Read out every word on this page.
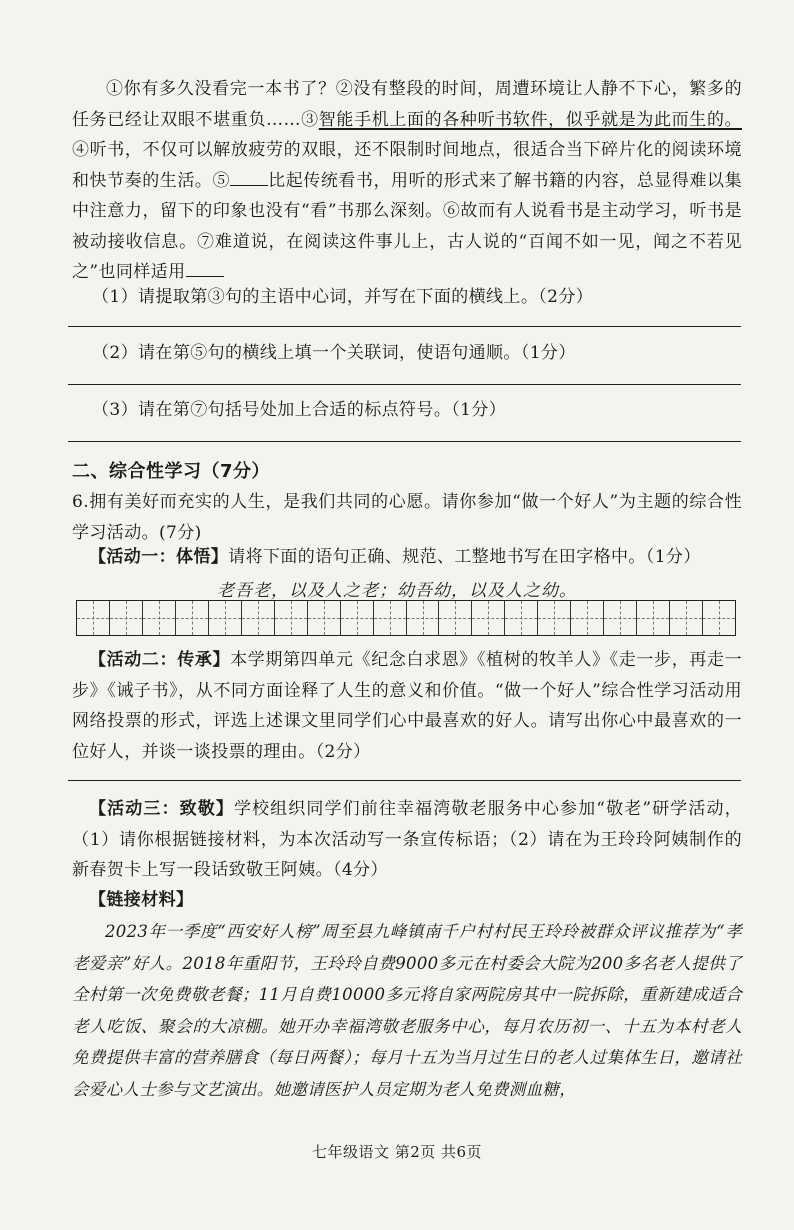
①你有多久没看完一本书了？②没有整段的时间，周遭环境让人静不下心，繁多的任务已经让双眼不堪重负……③智能手机上面的各种听书软件，似乎就是为此而生的。④听书，不仅可以解放疲劳的双眼，还不限制时间地点，很适合当下碎片化的阅读环境和快节奏的生活。⑤ 比起传统看书，用听的形式来了解书籍的内容，总显得难以集中注意力，留下的印象也没有“看”书那么深刻。⑥故而有人说看书是主动学习，听书是被动接收信息。⑦难道说，在阅读这件事儿上，古人说的“百闻不如一见，闻之不若见之”也同样适用
（1）请提取第③句的主语中心词，并写在下面的横线上。（2分）
（2）请在第⑤句的横线上填一个关联词，使语句通顺。（1分）
（3）请在第⑦句括号处加上合适的标点符号。（1分）
二、综合性学习（7分）
6.拥有美好而充实的人生，是我们共同的心愿。请你参加“做一个好人”为主题的综合性学习活动。(7分)
【活动一：体悟】请将下面的语句正确、规范、工整地书写在田字格中。（1分）
老吾老，以及人之老；幼吾幼，以及人之幼。
【活动二：传承】本学期第四单元《纪念白求恩》《植树的牧羊人》《走一步，再走一步》《诫子书》，从不同方面诠释了人生的意义和价值。“做一个好人”综合性学习活动用网络投票的形式，评选上述课文里同学们心中最喜欢的好人。请写出你心中最喜欢的一位好人，并谈一谈投票的理由。（2分）
【活动三：致敬】学校组织同学们前往幸福湾敬老服务中心参加“敬老”研学活动，（1）请你根据链接材料，为本次活动写一条宣传标语；（2）请在为王玲玲阿姨制作的新春贺卡上写一段话致敬王阿姨。（4分）
【链接材料】
2023年一季度“西安好人榜”周至县九峰镇南千户村村民王玲玲被群众评议推荐为“孝老爱亲”好人。2018年重阳节，王玲玲自费9000多元在村委会大院为200多名老人提供了全村第一次免费敬老餐；11月自费10000多元将自家两院房其中一院拆除，重新建成适合老人吃饭、聚会的大凉棚。她开办幸福湾敬老服务中心，每月农历初一、十五为本村老人免费提供丰富的营养膳食（每日两餐）；每月十五为当月过生日的老人过集体生日，邀请社会爱心人士参与文艺演出。她邀请医护人员定期为老人免费测血糖，
七年级语文 第2页 共6页
